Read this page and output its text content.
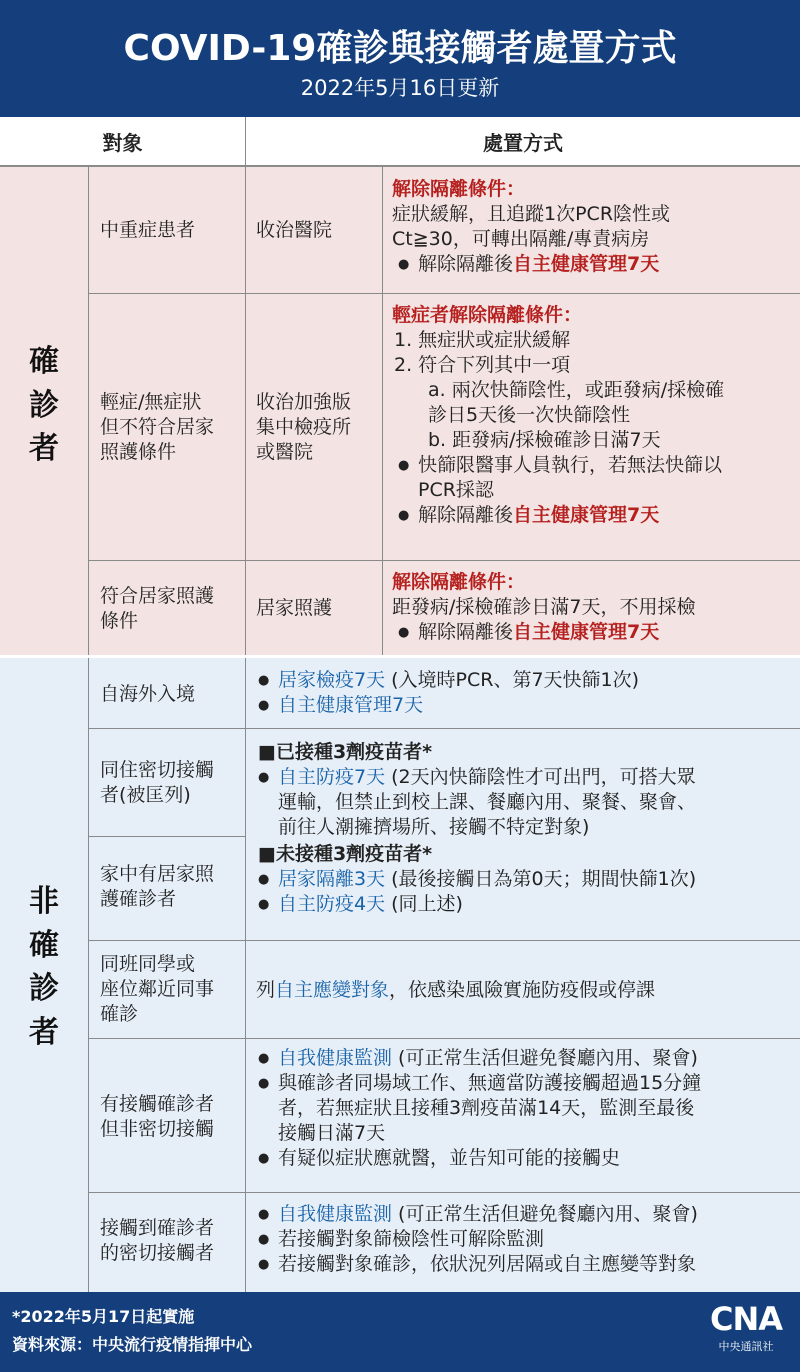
COVID-19確診與接觸者處置方式
2022年5月16日更新
對象	處置方式
確
診
者
非
確
診
者
中重症患者	收治醫院
解除隔離條件：
症狀緩解，且追蹤1次PCR陰性或
Ct≧30，可轉出隔離/專責病房
● 解除隔離後自主健康管理7天
輕症/無症狀
但不符合居家
照護條件
收治加強版
集中檢疫所
或醫院
輕症者解除隔離條件：
1. 無症狀或症狀緩解
2. 符合下列其中一項
a. 兩次快篩陰性，或距發病/採檢確
診日5天後一次快篩陰性
b. 距發病/採檢確診日滿7天
● 快篩限醫事人員執行，若無法快篩以
PCR採認
● 解除隔離後自主健康管理7天
符合居家照護
條件
居家照護
解除隔離條件：
距發病/採檢確診日滿7天，不用採檢
● 解除隔離後自主健康管理7天
自海外入境
● 居家檢疫7天 (入境時PCR、第7天快篩1次)
● 自主健康管理7天
同住密切接觸
者(被匡列)
家中有居家照
護確診者
■已接種3劑疫苗者*
● 自主防疫7天 (2天內快篩陰性才可出門，可搭大眾
運輸，但禁止到校上課、餐廳內用、聚餐、聚會、
前往人潮擁擠場所、接觸不特定對象)
■未接種3劑疫苗者*
● 居家隔離3天 (最後接觸日為第0天；期間快篩1次)
● 自主防疫4天 (同上述)
同班同學或
座位鄰近同事
確診
列自主應變對象，依感染風險實施防疫假或停課
有接觸確診者
但非密切接觸
● 自我健康監測 (可正常生活但避免餐廳內用、聚會)
● 與確診者同場域工作、無適當防護接觸超過15分鐘
者，若無症狀且接種3劑疫苗滿14天，監測至最後
接觸日滿7天
● 有疑似症狀應就醫，並告知可能的接觸史
接觸到確診者
的密切接觸者
● 自我健康監測 (可正常生活但避免餐廳內用、聚會)
● 若接觸對象篩檢陰性可解除監測
● 若接觸對象確診，依狀況列居隔或自主應變等對象
*2022年5月17日起實施
資料來源：中央流行疫情指揮中心
CNA
中央通訊社
